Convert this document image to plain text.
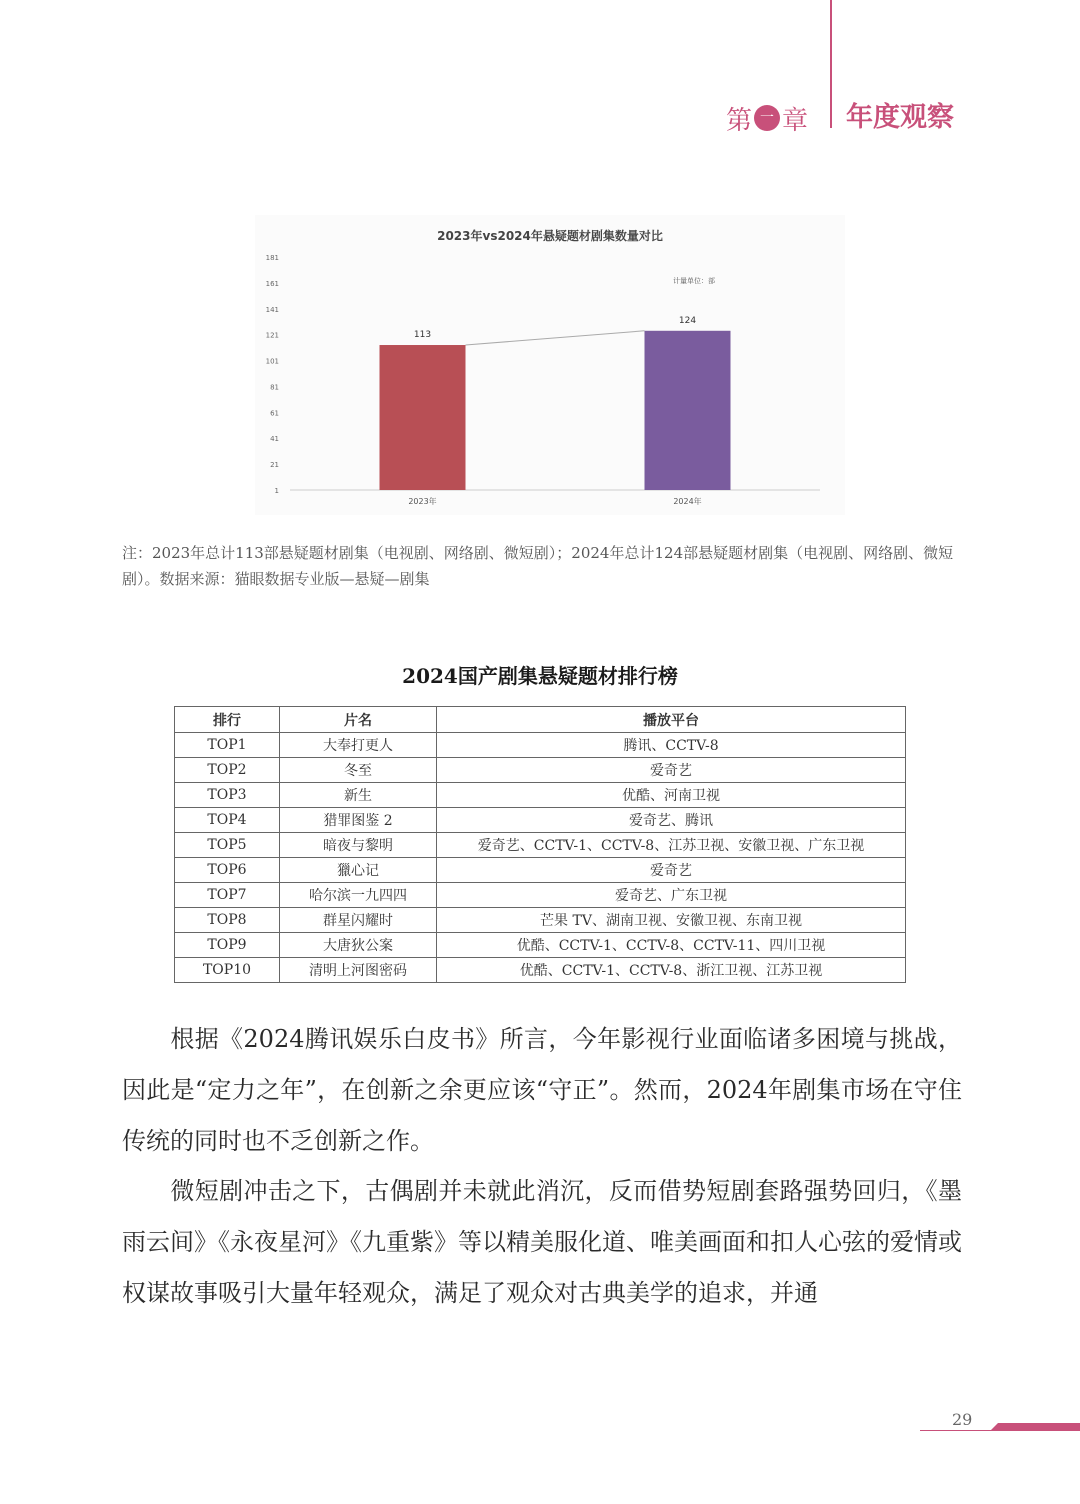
第 一 章 年度观察
2023年vs2024年悬疑题材剧集数量对比
计量单位：部
1
21
41
61
81
101
121
141
161
181
113
2023年
124
2024年
注：2023年总计113部悬疑题材剧集（电视剧、网络剧、微短剧）；2024年总计124部悬疑题材剧集（电视剧、网络剧、微短剧）。数据来源：猫眼数据专业版—悬疑—剧集
2024国产剧集悬疑题材排行榜
排行	片名	播放平台
TOP1	大奉打更人	腾讯、CCTV-8
TOP2	冬至	爱奇艺
TOP3	新生	优酷、河南卫视
TOP4	猎罪图鉴 2	爱奇艺、腾讯
TOP5	暗夜与黎明	爱奇艺、CCTV-1、CCTV-8、江苏卫视、安徽卫视、广东卫视
TOP6	獵心记	爱奇艺
TOP7	哈尔滨一九四四	爱奇艺、广东卫视
TOP8	群星闪耀时	芒果 TV、湖南卫视、安徽卫视、东南卫视
TOP9	大唐狄公案	优酷、CCTV-1、CCTV-8、CCTV-11、四川卫视
TOP10	清明上河图密码	优酷、CCTV-1、CCTV-8、浙江卫视、江苏卫视
根据《2024腾讯娱乐白皮书》所言，今年影视行业面临诸多困境与挑战，因此是“定力之年”，在创新之余更应该“守正”。然而，2024年剧集市场在守住传统的同时也不乏创新之作。
微短剧冲击之下，古偶剧并未就此消沉，反而借势短剧套路强势回归，《墨雨云间》《永夜星河》《九重紫》等以精美服化道、唯美画面和扣人心弦的爱情或权谋故事吸引大量年轻观众，满足了观众对古典美学的追求，并通
29
